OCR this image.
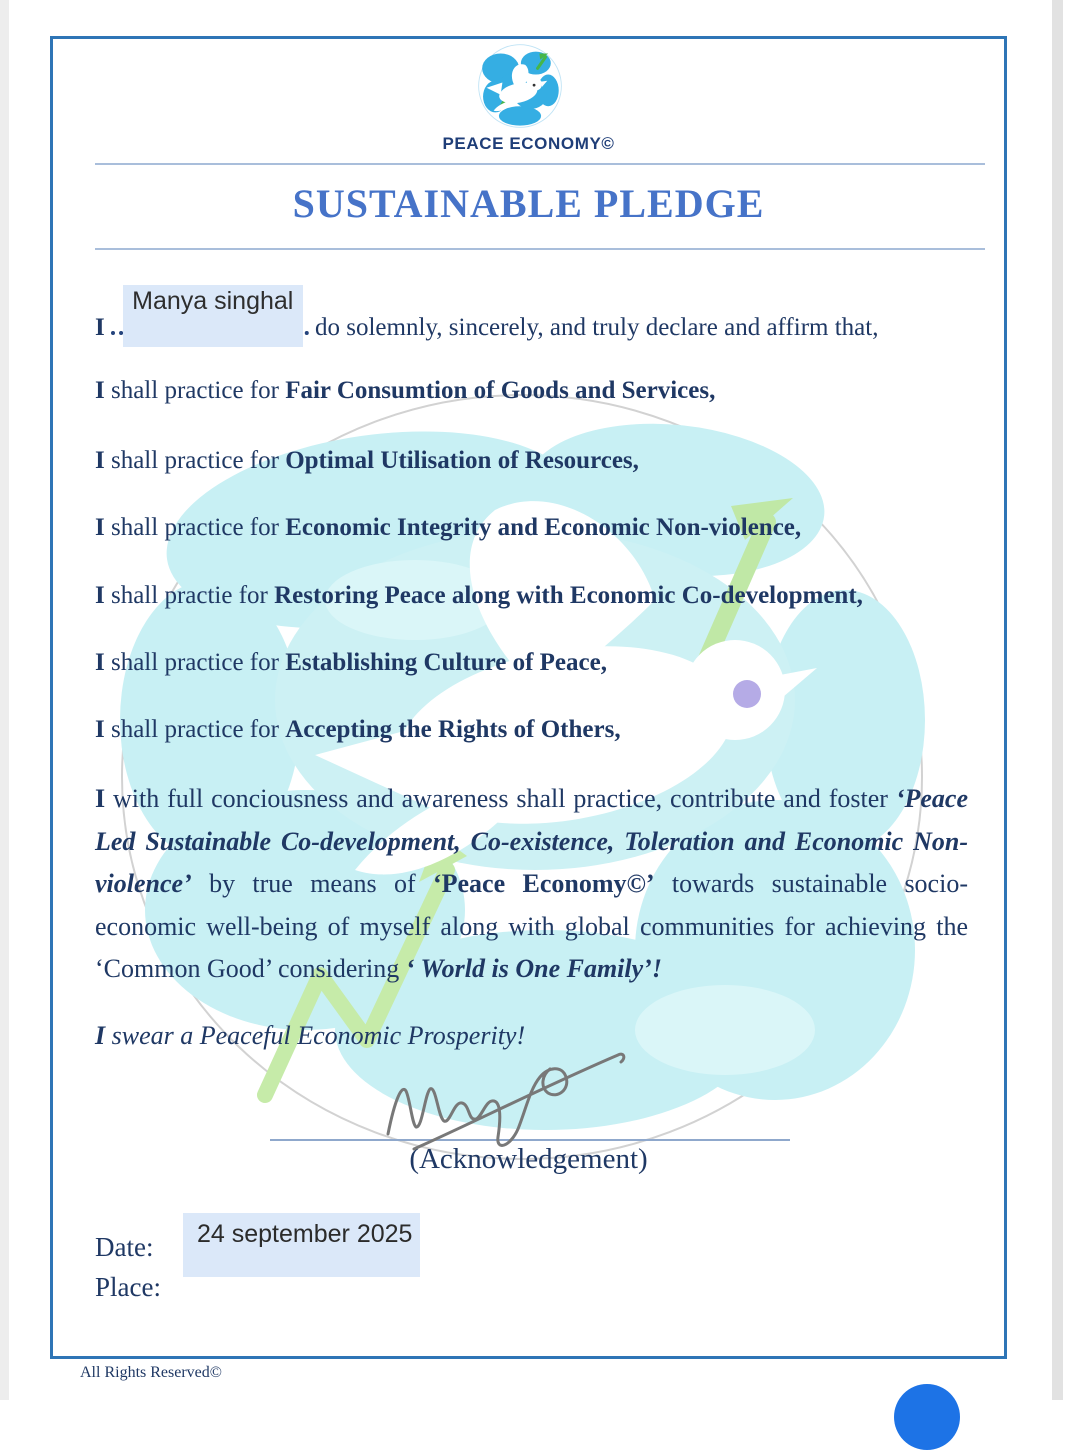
PEACE ECONOMY©
SUSTAINABLE PLEDGE

I
Manya singhal
do solemnly, sincerely, and truly declare and affirm that,

I shall practice for Fair Consumtion of Goods and Services,

I shall practice for Optimal Utilisation of Resources,

I shall practice for Economic Integrity and Economic Non-violence,

I shall practie for Restoring Peace along with Economic Co-development,

I shall practice for Establishing Culture of Peace,

I shall practice for Accepting the Rights of Others,

I with full conciousness and awareness shall practice, contribute and foster ‘Peace Led Sustainable Co-development, Co-existence, Toleration and Economic Non-violence’ by true means of ‘Peace Economy©’ towards sustainable socio-economic well-being of myself along with global communities for achieving the ‘Common Good’ considering ‘ World is One Family’!

I swear a Peaceful Economic Prosperity!

(Acknowledgement)
Date:	24 september 2025
Place:
All Rights Reserved©
